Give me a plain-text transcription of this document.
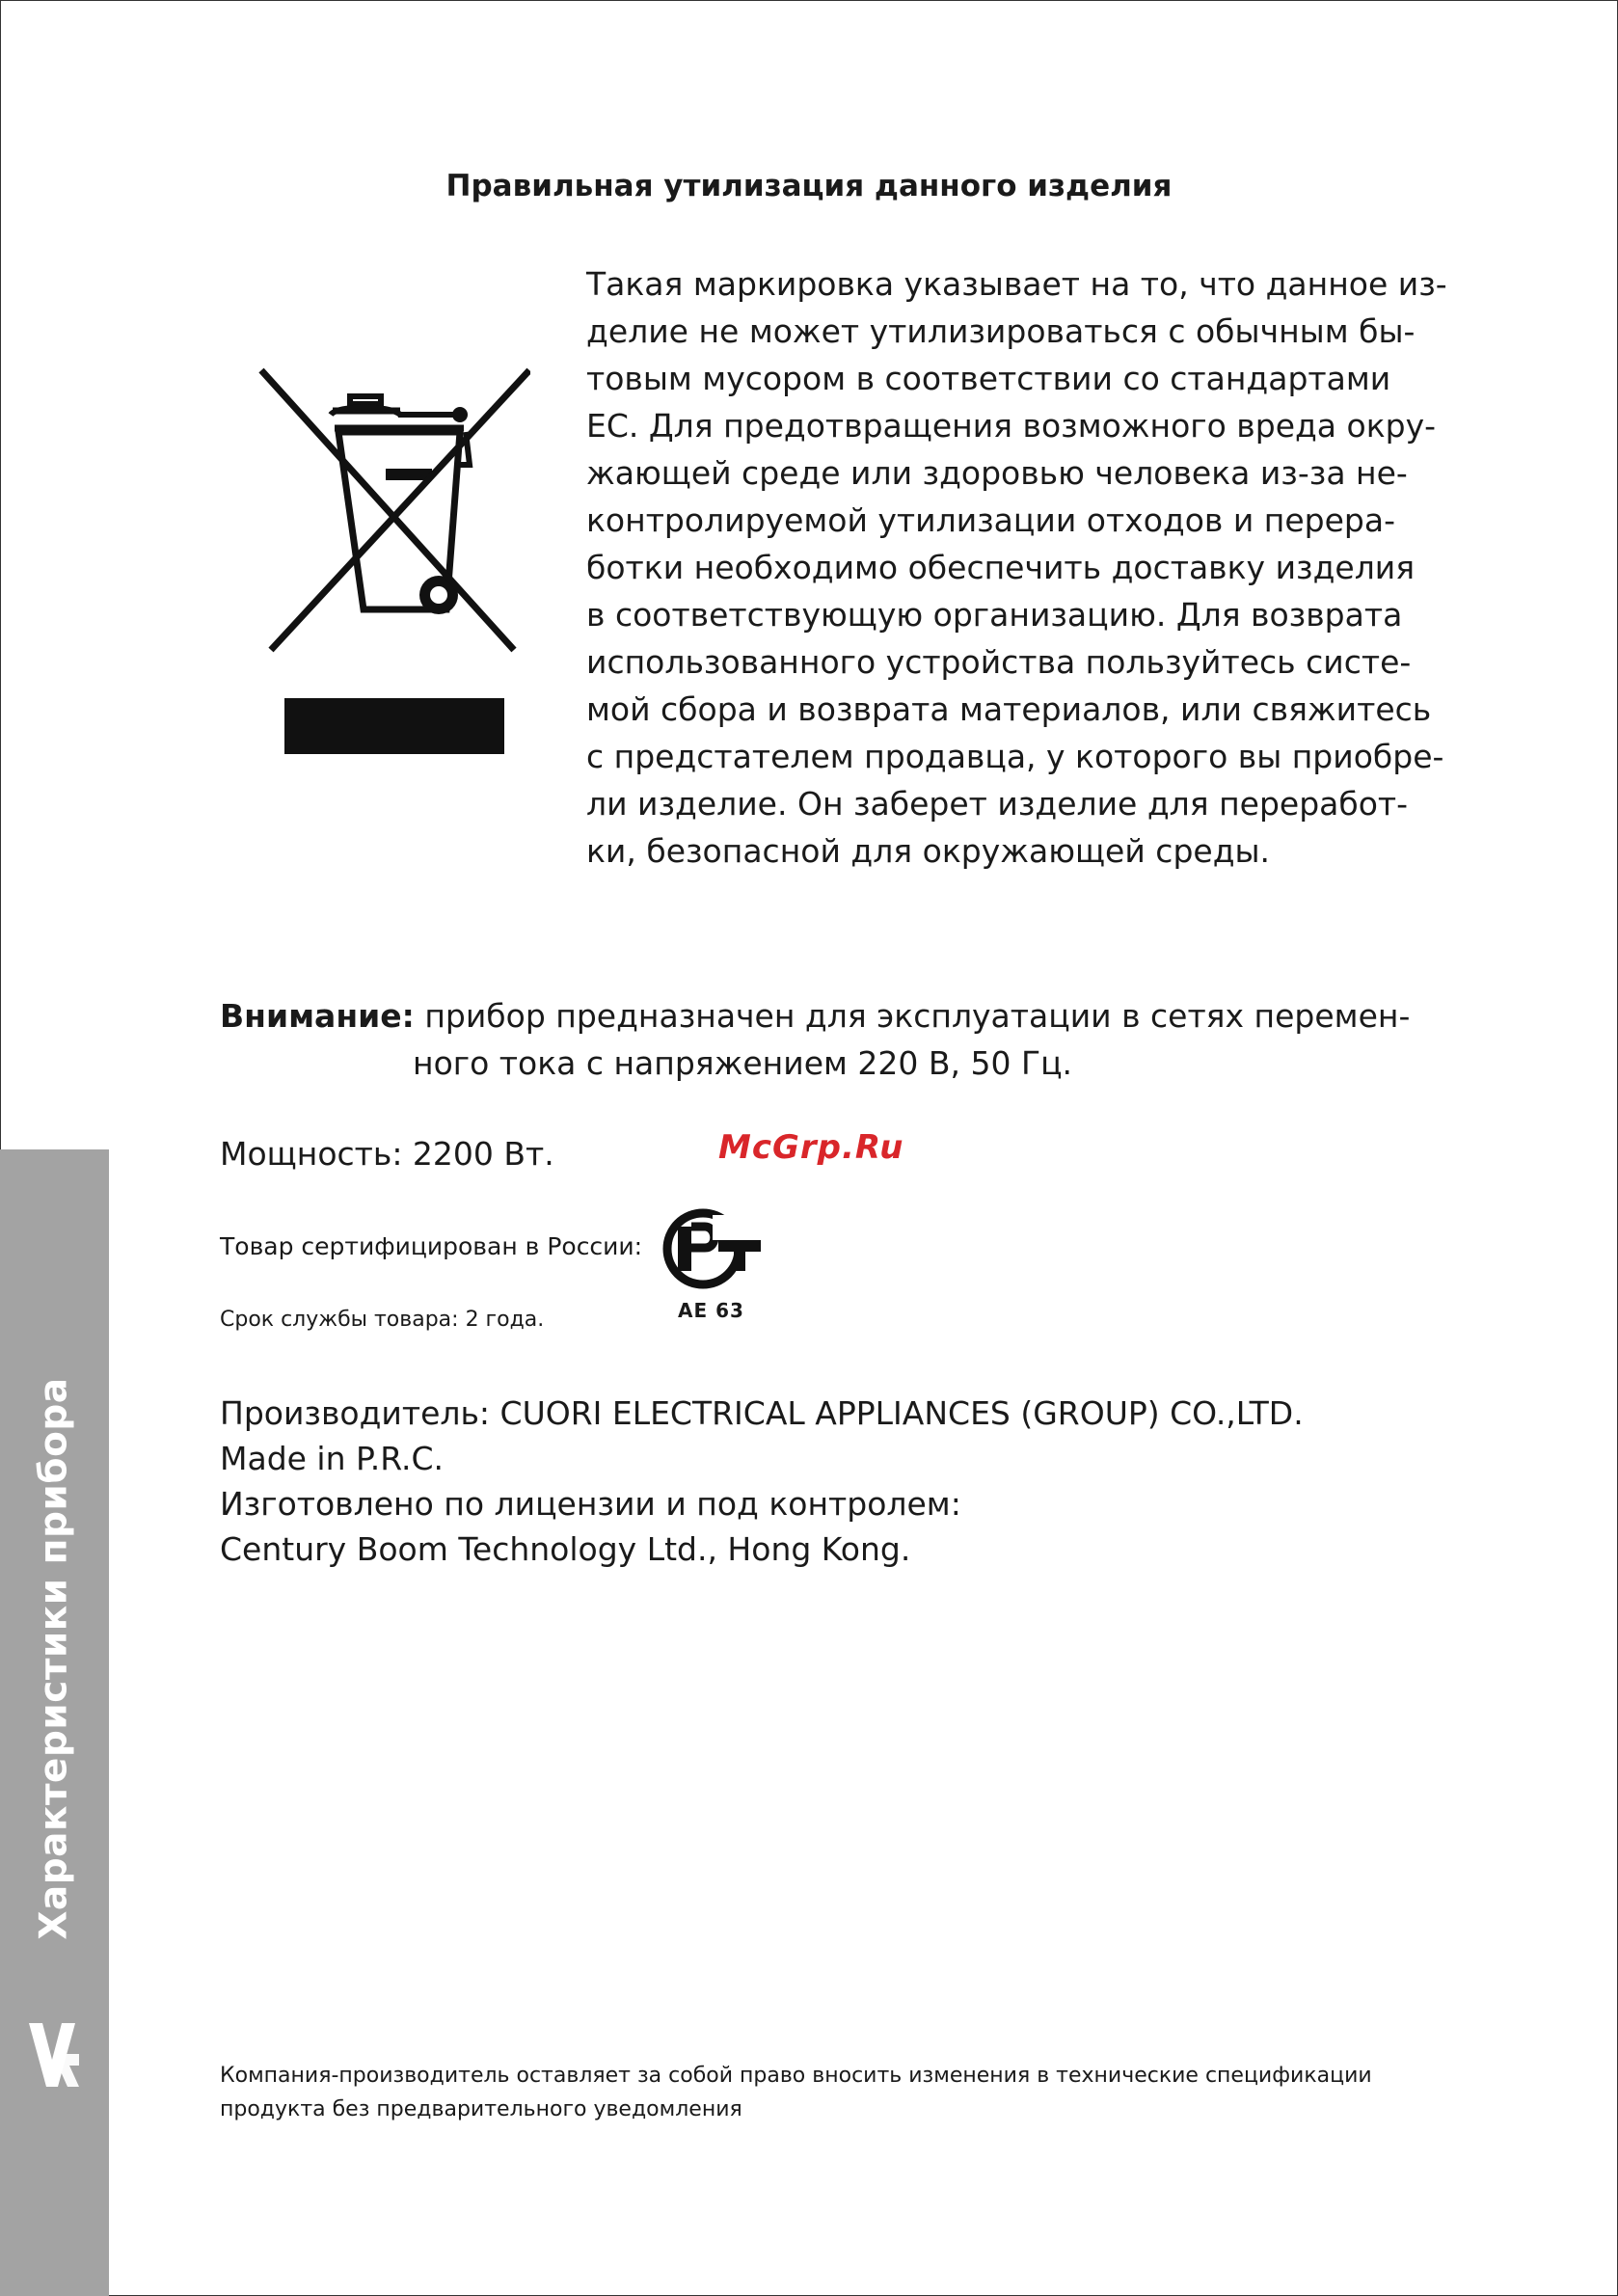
Характеристики прибора
Правильная утилизация данного изделия
Такая маркировка указывает на то, что данное из-
делие не может утилизироваться с обычным бы-
товым мусором в соответствии со стандартами
ЕС. Для предотвращения возможного вреда окру-
жающей среде или здоровью человека из-за не-
контролируемой утилизации отходов и перера-
ботки необходимо обеспечить доставку изделия
в соответствующую организацию. Для возврата
использованного устройства пользуйтесь систе-
мой сбора и возврата материалов, или свяжитесь
с предстателем продавца, у которого вы приобре-
ли изделие. Он заберет изделие для переработ-
ки, безопасной для окружающей среды.
Внимание: прибор предназначен для эксплуатации в сетях перемен-
ного тока с напряжением 220 В, 50 Гц.
Мощность: 2200 Вт.	McGrp.Ru
Товар сертифицирован в России:
АЕ 63
Срок службы товара: 2 года.
Производитель: CUORI ELECTRICAL APPLIANCES (GROUP) CO.,LTD.
Made in P.R.C.
Изготовлено по лицензии и под контролем:
Century Boom Technology Ltd., Hong Kong.
Компания-производитель оставляет за собой право вносить изменения в технические спецификации
продукта без предварительного уведомления
